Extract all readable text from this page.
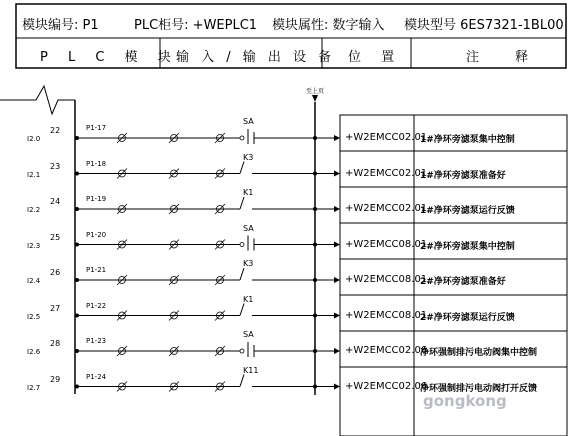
模块编号: P1	PLC柜号: +WEPLC1 模块属性: 数字输入 模块型号 6ES7321-1BL00
P L C 模 块
输 入 / 输 出 设 备 位 置	注 释
至上页
I2.0
22	P1-17
SA
+W2EMCC02.01
1#净环旁滤泵集中控制
I2.1
23	P1-18
K3
+W2EMCC02.01
1#净环旁滤泵准备好
I2.2
24	P1-19
K1
+W2EMCC02.01
1#净环旁滤泵运行反馈
I2.3
25	P1-20
SA
+W2EMCC08.01
2#净环旁滤泵集中控制
I2.4
26	P1-21
K3
+W2EMCC08.01
2#净环旁滤泵准备好
I2.5
27	P1-22
K1
+W2EMCC08.01
2#净环旁滤泵运行反馈
I2.6
28	P1-23
SA
+W2EMCC02.06
净环强制排污电动阀集中控制
I2.7
29	P1-24
K11
+W2EMCC02.06
净环强制排污电动阀打开反馈
gongkong
